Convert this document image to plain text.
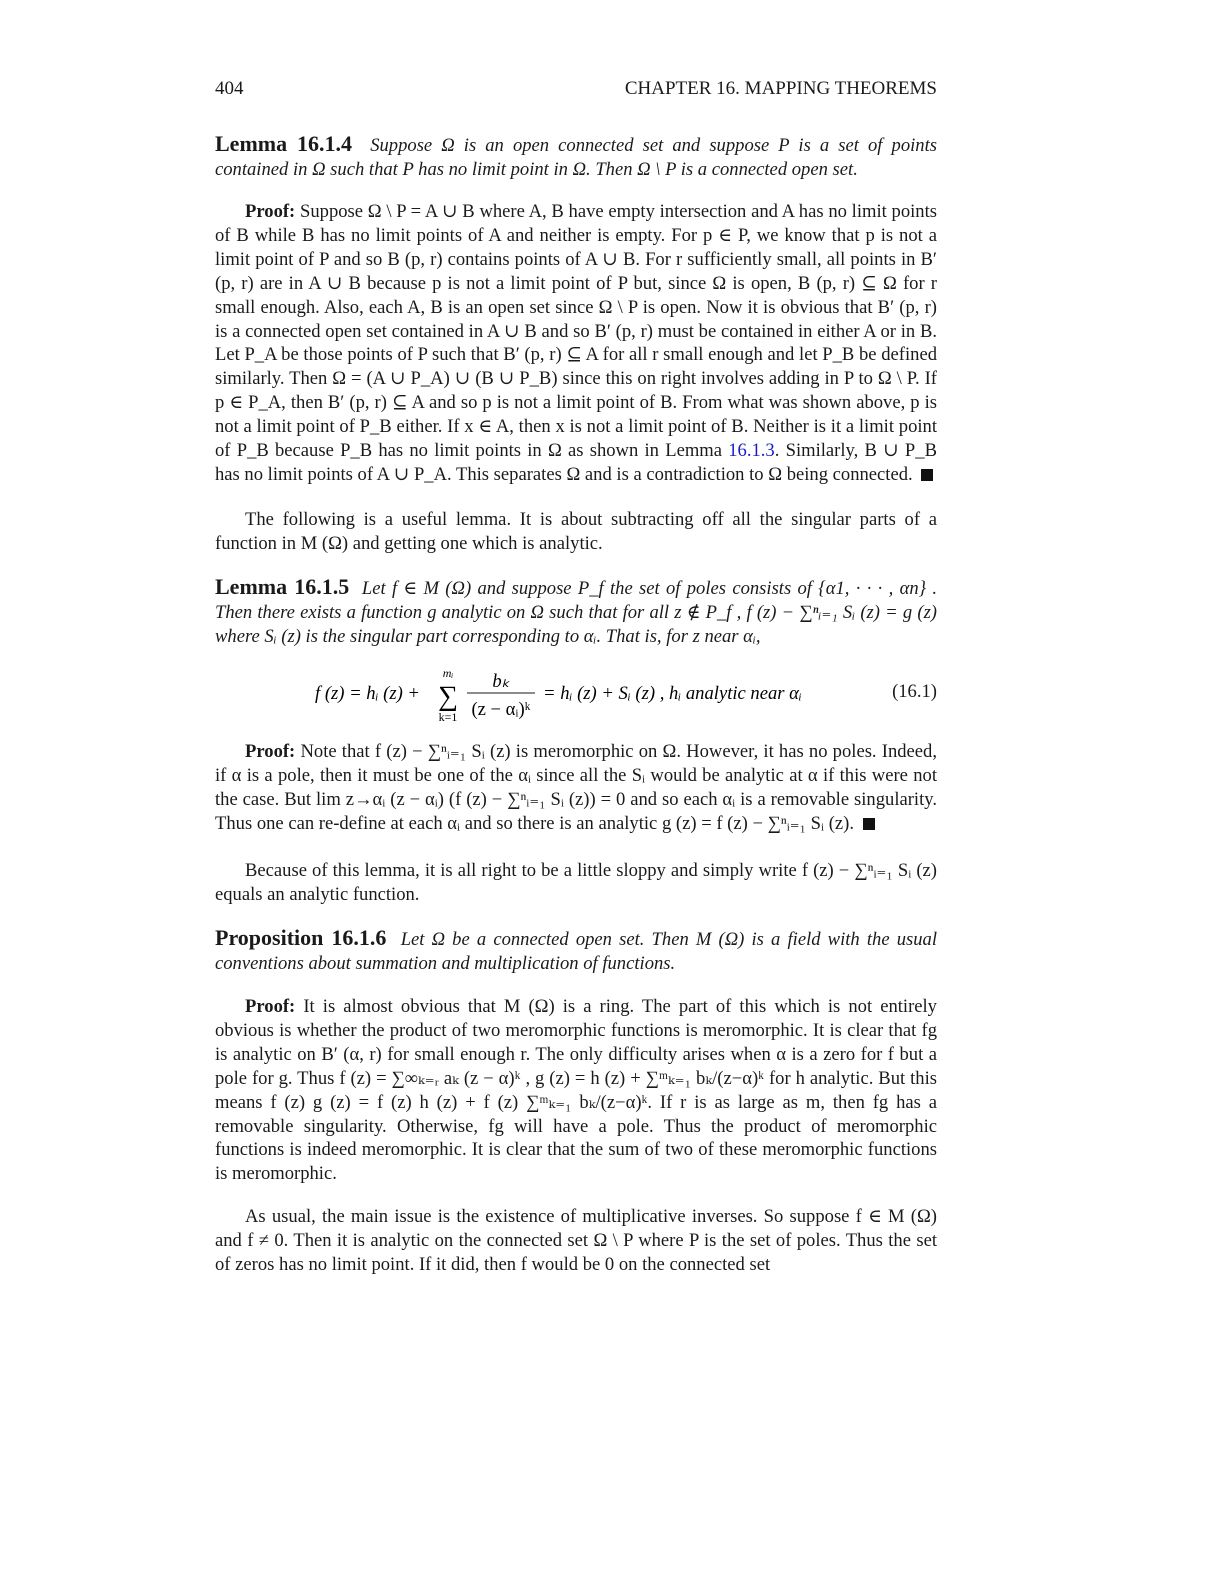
404	CHAPTER 16. MAPPING THEOREMS
Lemma 16.1.4 Suppose Ω is an open connected set and suppose P is a set of points contained in Ω such that P has no limit point in Ω. Then Ω \ P is a connected open set.
Proof: Suppose Ω \ P = A ∪ B where A, B have empty intersection and A has no limit points of B while B has no limit points of A and neither is empty. For p ∈ P, we know that p is not a limit point of P and so B (p, r) contains points of A ∪ B. For r sufficiently small, all points in B′ (p, r) are in A ∪ B because p is not a limit point of P but, since Ω is open, B (p, r) ⊆ Ω for r small enough. Also, each A, B is an open set since Ω \ P is open. Now it is obvious that B′ (p, r) is a connected open set contained in A ∪ B and so B′ (p, r) must be contained in either A or in B. Let P_A be those points of P such that B′ (p, r) ⊆ A for all r small enough and let P_B be defined similarly. Then Ω = (A ∪ P_A) ∪ (B ∪ P_B) since this on right involves adding in P to Ω \ P. If p ∈ P_A, then B′ (p, r) ⊆ A and so p is not a limit point of B. From what was shown above, p is not a limit point of P_B either. If x ∈ A, then x is not a limit point of B. Neither is it a limit point of P_B because P_B has no limit points in Ω as shown in Lemma 16.1.3. Similarly, B ∪ P_B has no limit points of A ∪ P_A. This separates Ω and is a contradiction to Ω being connected.
The following is a useful lemma. It is about subtracting off all the singular parts of a function in M (Ω) and getting one which is analytic.
Lemma 16.1.5 Let f ∈ M (Ω) and suppose P_f the set of poles consists of {α1, · · · , αn} . Then there exists a function g analytic on Ω such that for all z ∉ P_f , f (z) − ∑ⁿᵢ₌₁ Sᵢ (z) = g (z) where Sᵢ (z) is the singular part corresponding to αᵢ. That is, for z near αᵢ,
f (z) = hᵢ (z) +
mᵢ
∑
k=1
bₖ
(z − αᵢ)ᵏ
= hᵢ (z) + Sᵢ (z) , hᵢ analytic near αᵢ	(16.1)
Proof: Note that f (z) − ∑ⁿᵢ₌₁ Sᵢ (z) is meromorphic on Ω. However, it has no poles. Indeed, if α is a pole, then it must be one of the αᵢ since all the Sᵢ would be analytic at α if this were not the case. But lim z→αᵢ (z − αᵢ) (f (z) − ∑ⁿᵢ₌₁ Sᵢ (z)) = 0 and so each αᵢ is a removable singularity. Thus one can re-define at each αᵢ and so there is an analytic g (z) = f (z) − ∑ⁿᵢ₌₁ Sᵢ (z).
Because of this lemma, it is all right to be a little sloppy and simply write f (z) − ∑ⁿᵢ₌₁ Sᵢ (z) equals an analytic function.
Proposition 16.1.6 Let Ω be a connected open set. Then M (Ω) is a field with the usual conventions about summation and multiplication of functions.
Proof: It is almost obvious that M (Ω) is a ring. The part of this which is not entirely obvious is whether the product of two meromorphic functions is meromorphic. It is clear that fg is analytic on B′ (α, r) for small enough r. The only difficulty arises when α is a zero for f but a pole for g. Thus f (z) = ∑∞ₖ₌ᵣ aₖ (z − α)ᵏ , g (z) = h (z) + ∑ᵐₖ₌₁ bₖ/(z−α)ᵏ for h analytic. But this means f (z) g (z) = f (z) h (z) + f (z) ∑ᵐₖ₌₁ bₖ/(z−α)ᵏ. If r is as large as m, then fg has a removable singularity. Otherwise, fg will have a pole. Thus the product of meromorphic functions is indeed meromorphic. It is clear that the sum of two of these meromorphic functions is meromorphic.
As usual, the main issue is the existence of multiplicative inverses. So suppose f ∈ M (Ω) and f ≠ 0. Then it is analytic on the connected set Ω \ P where P is the set of poles. Thus the set of zeros has no limit point. If it did, then f would be 0 on the connected set
